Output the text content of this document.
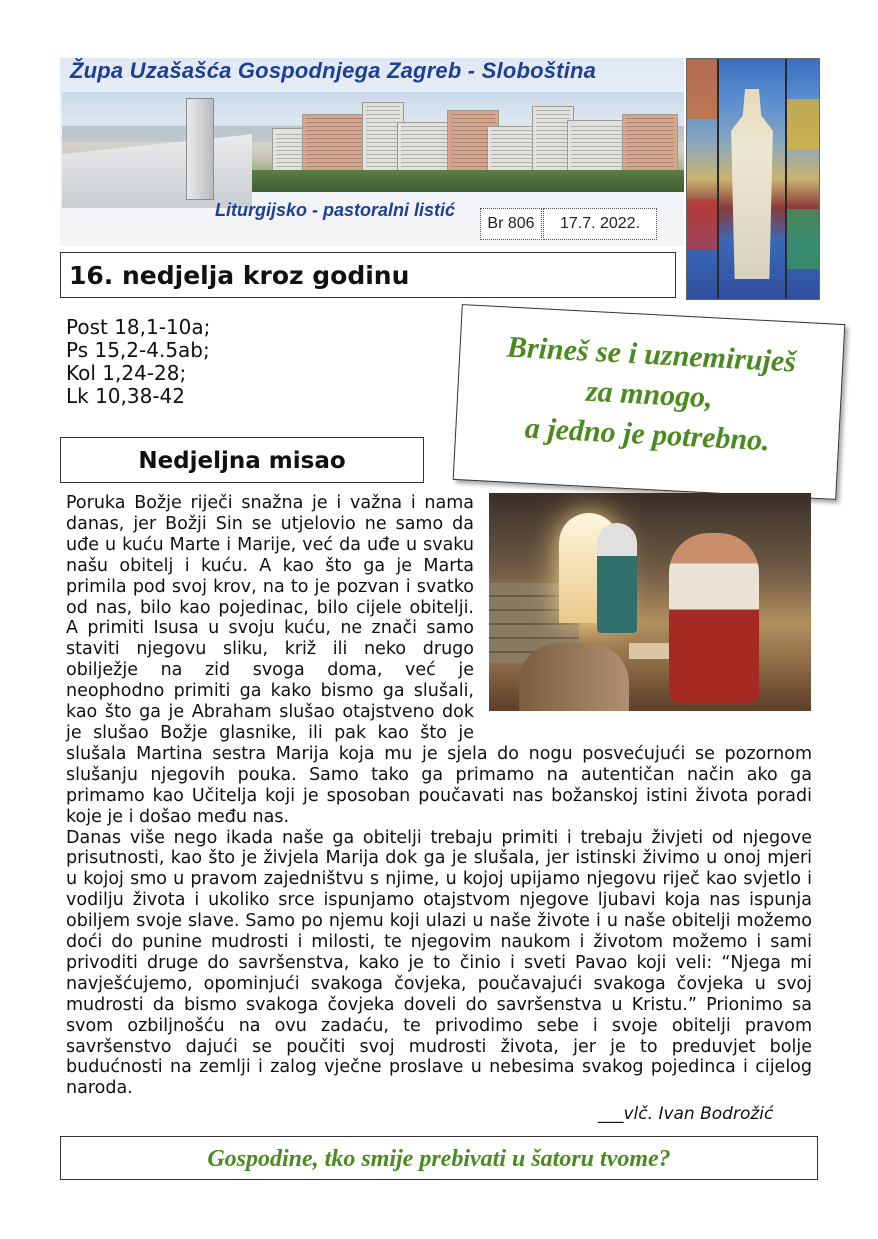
Župa Uzašašća Gospodnjega Zagreb - Sloboština
Liturgijsko - pastoralni listić
Br 806	17.7. 2022.
16. nedjelja kroz godinu
Post 18,1-10a;
Ps 15,2-4.5ab;
Kol 1,24-28;
Lk 10,38-42
Brineš se i uznemiruješ
za mnogo,
a jedno je potrebno.
Nedjeljna misao

Poruka Božje riječi snažna je i važna i nama danas, jer Božji Sin se utjelovio ne samo da uđe u kuću Marte i Marije, već da uđe u svaku našu obitelj i kuću. A kao što ga je Marta primila pod svoj krov, na to je pozvan i svatko od nas, bilo kao pojedinac, bilo cijele obitelji. A primiti Isusa u svoju kuću, ne znači samo staviti njegovu sliku, križ ili neko drugo obilježje na zid svoga doma, već je neophodno primiti ga kako bismo ga slušali, kao što ga je Abraham slušao otajstveno dok je slušao Božje glasnike, ili pak kao što je slušala Martina sestra Marija koja mu je sjela do nogu posvećujući se pozornom slušanju njegovih pouka. Samo tako ga primamo na autentičan način ako ga primamo kao Učitelja koji je sposoban poučavati nas božanskoj istini života poradi koje je i došao među nas.

Danas više nego ikada naše ga obitelji trebaju primiti i trebaju živjeti od njegove prisutnosti, kao što je živjela Marija dok ga je slušala, jer istinski živimo u onoj mjeri u kojoj smo u pravom zajedništvu s njime, u kojoj upijamo njegovu riječ kao svjetlo i vodilju života i ukoliko srce ispunjamo otajstvom njegove ljubavi koja nas ispunja obiljem svoje slave. Samo po njemu koji ulazi u naše živote i u naše obitelji možemo doći do punine mudrosti i milosti, te njegovim naukom i životom možemo i sami privoditi druge do savršenstva, kako je to činio i sveti Pavao koji veli: “Njega mi navješćujemo, opominjući svakoga čovjeka, poučavajući svakoga čovjeka u svoj mudrosti da bismo svakoga čovjeka doveli do savršenstva u Kristu.” Prionimo sa svom ozbiljnošću na ovu zadaću, te privodimo sebe i svoje obitelji pravom savršenstvo dajući se poučiti svoj mudrosti života, jer je to preduvjet bolje budućnosti na zemlji i zalog vječne proslave u nebesima svakog pojedinca i cijelog naroda.

___vlč. Ivan Bodrožić
Gospodine, tko smije prebivati u šatoru tvome?
